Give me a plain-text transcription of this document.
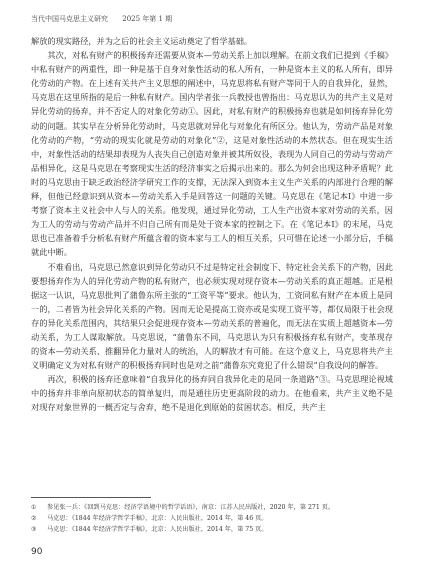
当代中国马克思主义研究 2025 年第 1 期

解放的现实路径，并为之后的社会主义运动奠定了哲学基础。

其次，对私有财产的积极扬弃还需要从资本—劳动关系上加以理解。在前文我们已提到《手稿》中私有财产的两重性，即一种是基于自身对象性活动的私人所有，一种是资本主义的私人所有，即异化劳动的产物。在上述有关共产主义思想的阐述中，马克思将私有财产等同于人的自我异化，显然，马克思在这里所指的是后一种私有财产。国内学者张一兵教授也曾指出：马克思认为的共产主义是对异化劳动的扬弃，并不否定人的对象化劳动①。因此，对私有财产的积极扬弃也就是如何扬弃异化劳动的问题。其实早在分析异化劳动时，马克思就对异化与对象化有所区分。他认为，劳动产品是对象化劳动的产物，“劳动的现实化就是劳动的对象化”②，这是对象性活动的本然状态。但在现实生活中，对象性活动的结果却表现为人丧失自己创造对象并被其所奴役，表现为人同自己的劳动与劳动产品相异化，这是马克思在考察现实生活的经济事实之后揭示出来的。那么为何会出现这种矛盾呢？此时的马克思由于缺乏政治经济学研究工作的支撑，无法深入到资本主义生产关系的内部进行合理的解释，但他已经意识到从资本—劳动关系入手是回答这一问题的关键。马克思在《笔记本Ⅰ》中进一步考察了资本主义社会中人与人的关系。他发现，通过异化劳动，工人生产出资本家对劳动的关系，因为工人的劳动与劳动产品并不归自己所有而是处于资本家的控制之下。在《笔记本Ⅰ》的末尾，马克思也已准备着手分析私有财产所蕴含着的资本家与工人的相互关系，只可惜在论述一小部分后，手稿就此中断。

不难看出，马克思已然意识到异化劳动只不过是特定社会制度下、特定社会关系下的产物，因此要想扬弃作为人的异化劳动产物的私有财产，也必须实现对现存资本—劳动关系的真正超越。正是根据这一认识，马克思批判了蒲鲁东所主张的“工资平等”要求。他认为，工资同私有财产在本质上是同一的，二者皆为社会异化关系的产物。因而无论是提高工资亦或是实现工资平等，都仅局限于社会现存的异化关系范围内，其结果只会促进现存资本—劳动关系的普遍化，而无法在实质上超越资本—劳动关系，为工人谋取解放。马克思说，“蒲鲁东不同，马克思认为只有积极扬弃私有财产，变革现存的资本—劳动关系、推翻异化力量对人的统治，人的解放才有可能。在这个意义上，马克思将共产主义明确定义为对私有财产的积极扬弃同时也是对之前“蒲鲁东究竟犯了什么错误”自我设问的解答。

再次，积极的扬弃还意味着“自我异化的扬弃同自我异化走的是同一条道路”③。马克思理论视域中的扬弃并非单向原初状态的简单复归，而是通往历史更高阶段的动力。在他看来，共产主义绝不是对现存对象世界的一概否定与舍弃，绝不是退化到原始的贫困状态。相反，共产主

① 参见张一兵：《回到马克思：经济学语境中的哲学话语》，南京：江苏人民出版社，2020 年，第 271 页。
② 马克思：《1844 年经济学哲学手稿》，北京：人民出版社，2014 年，第 46 页。
③ 马克思：《1844 年经济学哲学手稿》，北京：人民出版社，2014 年，第 75 页。
90
